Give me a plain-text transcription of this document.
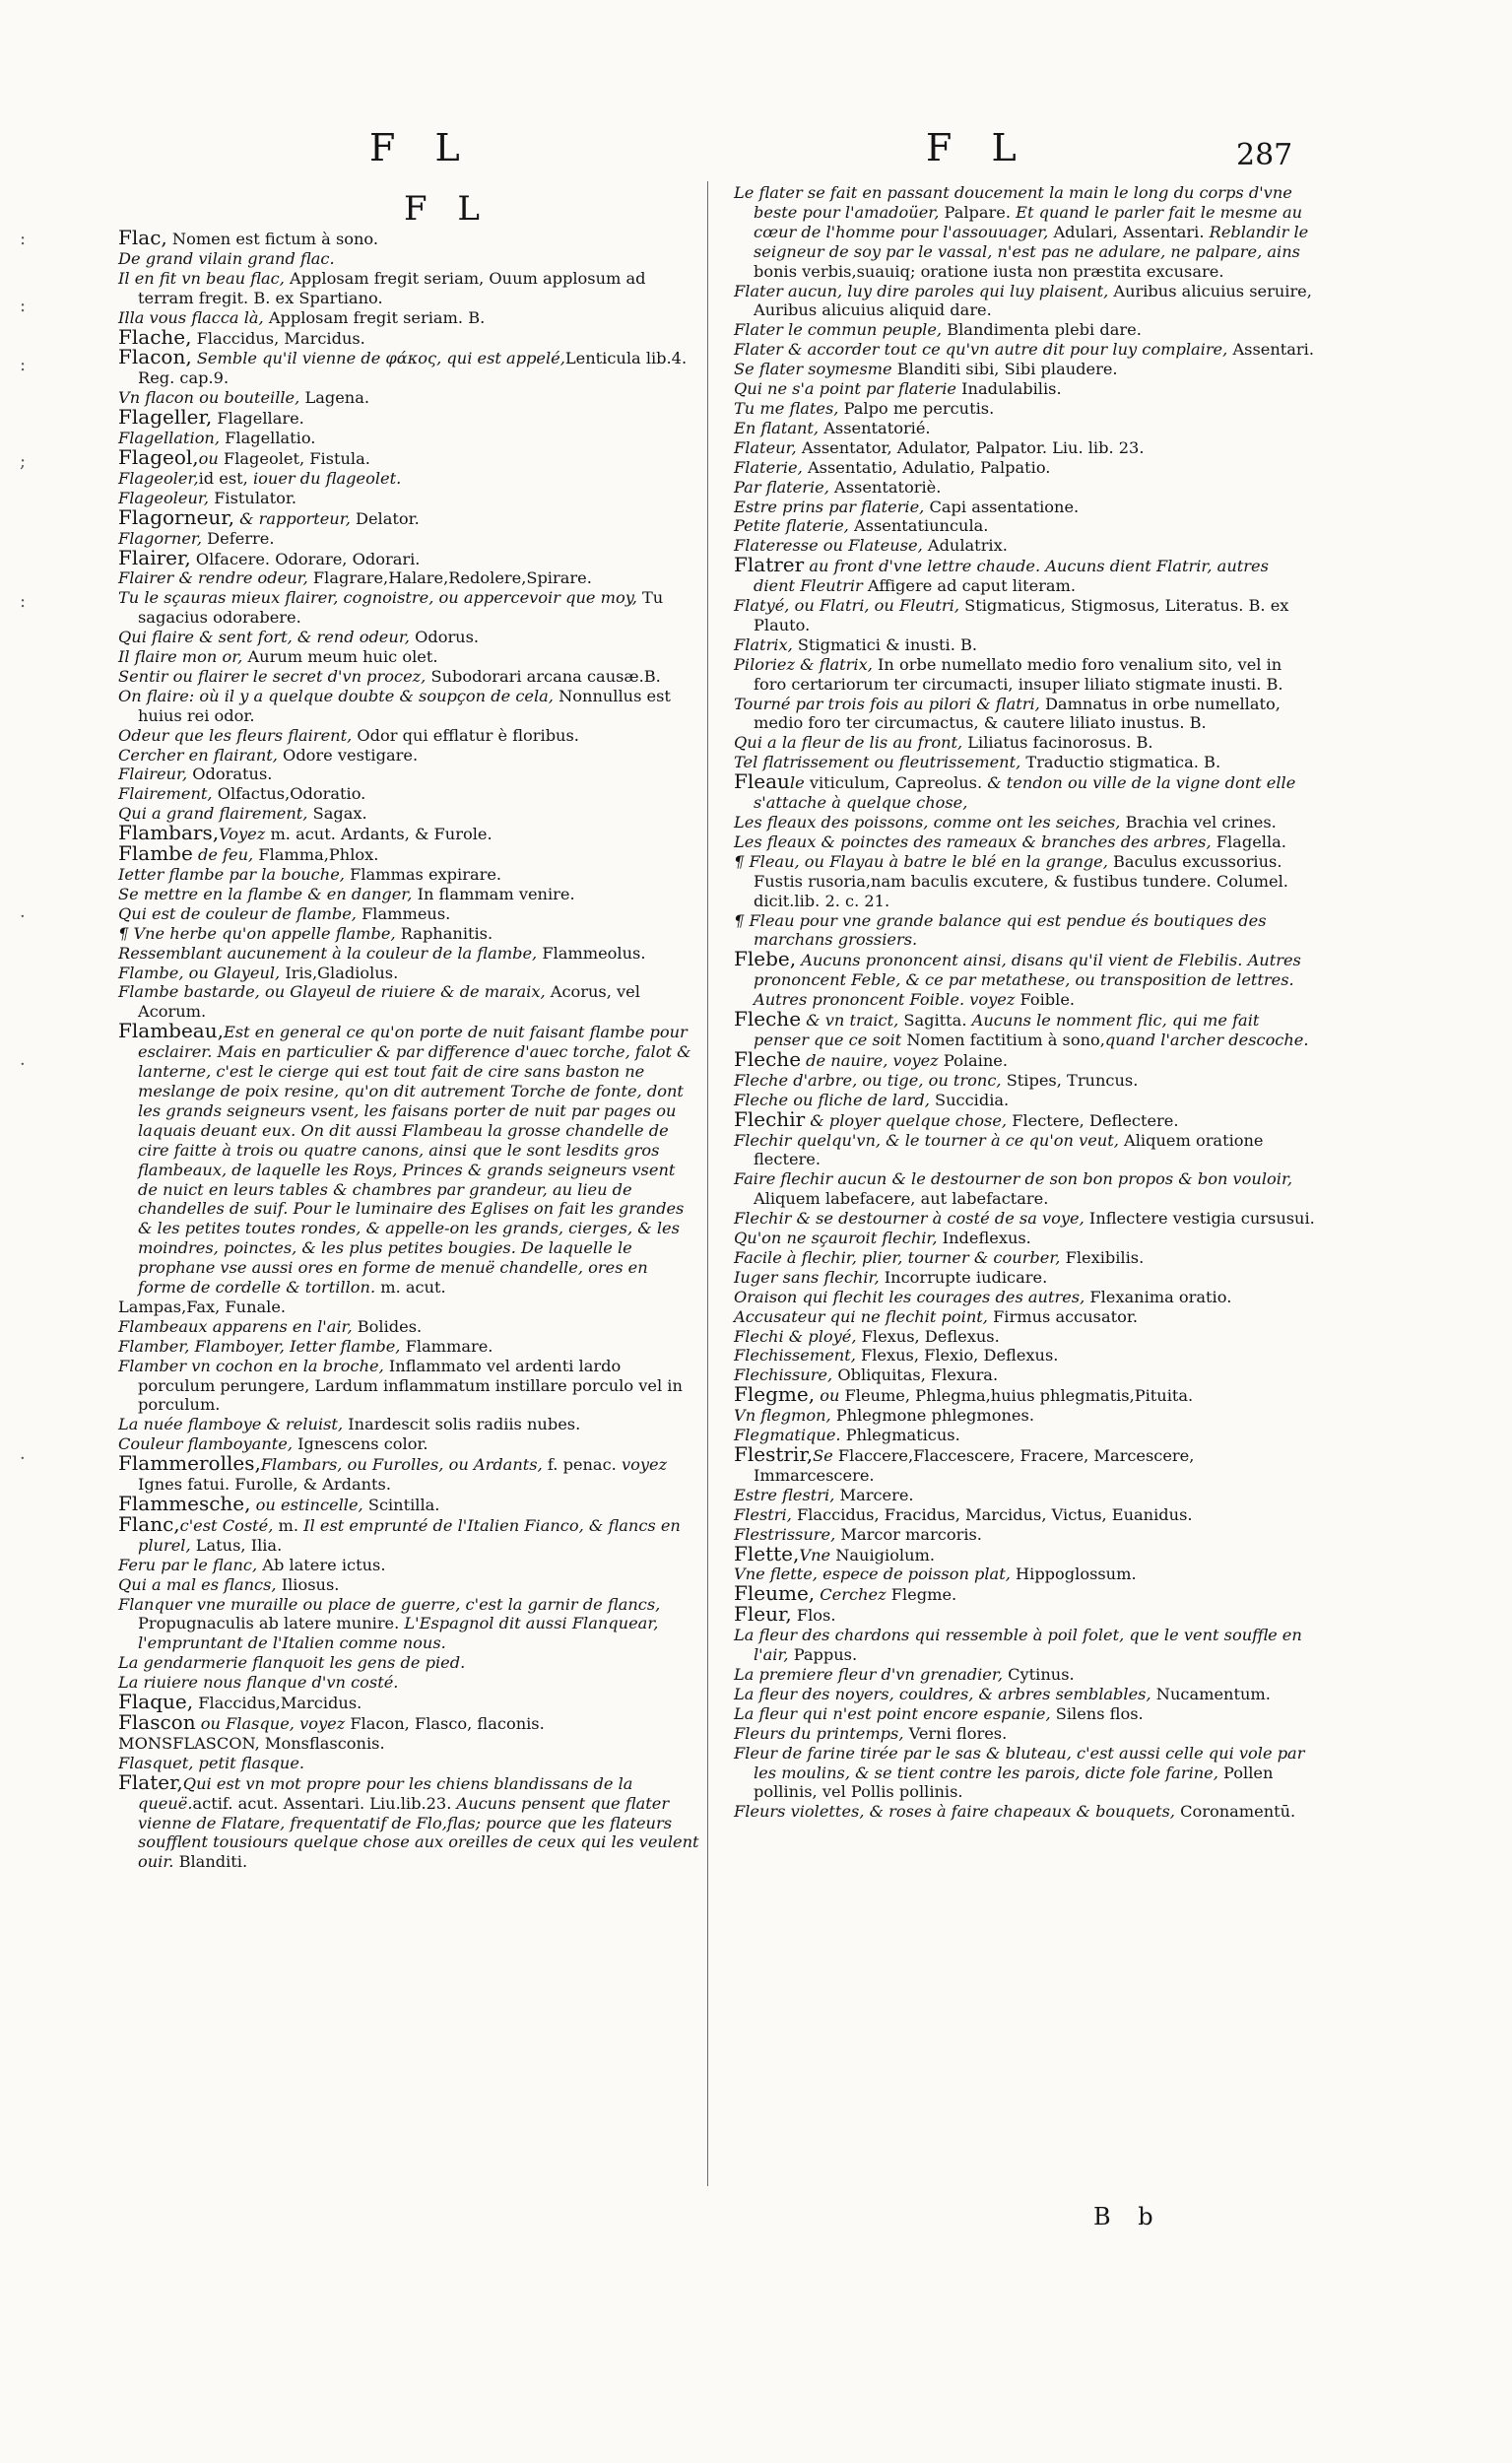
F L	F L	287
F L
:
:
:
;
:
·
·
·

Flac, Nomen est fictum à sono.

De grand vilain grand flac.

Il en fit vn beau flac, Applosam fregit seriam, Ouum applosum ad terram fregit. B. ex Spartiano.

Illa vous flacca là, Applosam fregit seriam. B.

Flache, Flaccidus, Marcidus.

Flacon, Semble qu'il vienne de φάκος, qui est appelé,Lenticula lib.4. Reg. cap.9.

Vn flacon ou bouteille, Lagena.

Flageller, Flagellare.

Flagellation, Flagellatio.

Flageol,ou Flageolet, Fistula.

Flageoler,id est, iouer du flageolet.

Flageoleur, Fistulator.

Flagorneur, & rapporteur, Delator.

Flagorner, Deferre.

Flairer, Olfacere. Odorare, Odorari.

Flairer & rendre odeur, Flagrare,Halare,Redolere,Spirare.

Tu le sçauras mieux flairer, cognoistre, ou appercevoir que moy, Tu sagacius odorabere.

Qui flaire & sent fort, & rend odeur, Odorus.

Il flaire mon or, Aurum meum huic olet.

Sentir ou flairer le secret d'vn procez, Subodorari arcana causæ.B.

On flaire: où il y a quelque doubte & soupçon de cela, Nonnullus est huius rei odor.

Odeur que les fleurs flairent, Odor qui efflatur è floribus.

Cercher en flairant, Odore vestigare.

Flaireur, Odoratus.

Flairement, Olfactus,Odoratio.

Qui a grand flairement, Sagax.

Flambars,Voyez m. acut. Ardants, & Furole.

Flambe de feu, Flamma,Phlox.

Ietter flambe par la bouche, Flammas expirare.

Se mettre en la flambe & en danger, In flammam venire.

Qui est de couleur de flambe, Flammeus.

¶ Vne herbe qu'on appelle flambe, Raphanitis.

Ressemblant aucunement à la couleur de la flambe, Flammeolus.

Flambe, ou Glayeul, Iris,Gladiolus.

Flambe bastarde, ou Glayeul de riuiere & de maraix, Acorus, vel Acorum.

Flambeau,Est en general ce qu'on porte de nuit faisant flambe pour esclairer. Mais en particulier & par difference d'auec torche, falot & lanterne, c'est le cierge qui est tout fait de cire sans baston ne meslange de poix resine, qu'on dit autrement Torche de fonte, dont les grands seigneurs vsent, les faisans porter de nuit par pages ou laquais deuant eux. On dit aussi Flambeau la grosse chandelle de cire faitte à trois ou quatre canons, ainsi que le sont lesdits gros flambeaux, de laquelle les Roys, Princes & grands seigneurs vsent de nuict en leurs tables & chambres par grandeur, au lieu de chandelles de suif. Pour le luminaire des Eglises on fait les grandes & les petites toutes rondes, & appelle-on les grands, cierges, & les moindres, poinctes, & les plus petites bougies. De laquelle le prophane vse aussi ores en forme de menuë chandelle, ores en forme de cordelle & tortillon. m. acut.

Lampas,Fax, Funale.

Flambeaux apparens en l'air, Bolides.

Flamber, Flamboyer, Ietter flambe, Flammare.

Flamber vn cochon en la broche, Inflammato vel ardenti lardo porculum perungere, Lardum inflammatum instillare porculo vel in porculum.

La nuée flamboye & reluist, Inardescit solis radiis nubes.

Couleur flamboyante, Ignescens color.

Flammerolles,Flambars, ou Furolles, ou Ardants, f. penac. voyez Ignes fatui. Furolle, & Ardants.

Flammesche, ou estincelle, Scintilla.

Flanc,c'est Costé, m. Il est emprunté de l'Italien Fianco, & flancs en plurel, Latus, Ilia.

Feru par le flanc, Ab latere ictus.

Qui a mal es flancs, Iliosus.

Flanquer vne muraille ou place de guerre, c'est la garnir de flancs, Propugnaculis ab latere munire. L'Espagnol dit aussi Flanquear, l'empruntant de l'Italien comme nous.

La gendarmerie flanquoit les gens de pied.

La riuiere nous flanque d'vn costé.

Flaque, Flaccidus,Marcidus.

Flascon ou Flasque, voyez Flacon, Flasco, flaconis.

MONSFLASCON, Monsflasconis.

Flasquet, petit flasque.

Flater,Qui est vn mot propre pour les chiens blandissans de la queuë.actif. acut. Assentari. Liu.lib.23. Aucuns pensent que flater vienne de Flatare, frequentatif de Flo,flas; pource que les flateurs soufflent tousiours quelque chose aux oreilles de ceux qui les veulent ouir. Blanditi.

Le flater se fait en passant doucement la main le long du corps d'vne beste pour l'amadoüer, Palpare. Et quand le parler fait le mesme au cœur de l'homme pour l'assouuager, Adulari, Assentari. Reblandir le seigneur de soy par le vassal, n'est pas ne adulare, ne palpare, ains bonis verbis,suauiq; oratione iusta non præstita excusare.

Flater aucun, luy dire paroles qui luy plaisent, Auribus alicuius seruire, Auribus alicuius aliquid dare.

Flater le commun peuple, Blandimenta plebi dare.

Flater & accorder tout ce qu'vn autre dit pour luy complaire, Assentari.

Se flater soymesme Blanditi sibi, Sibi plaudere.

Qui ne s'a point par flaterie Inadulabilis.

Tu me flates, Palpo me percutis.

En flatant, Assentatorié.

Flateur, Assentator, Adulator, Palpator. Liu. lib. 23.

Flaterie, Assentatio, Adulatio, Palpatio.

Par flaterie, Assentatoriè.

Estre prins par flaterie, Capi assentatione.

Petite flaterie, Assentatiuncula.

Flateresse ou Flateuse, Adulatrix.

Flatrer au front d'vne lettre chaude. Aucuns dient Flatrir, autres dient Fleutrir Affigere ad caput literam.

Flatyé, ou Flatri, ou Fleutri, Stigmaticus, Stigmosus, Literatus. B. ex Plauto.

Flatrix, Stigmatici & inusti. B.

Piloriez & flatrix, In orbe numellato medio foro venalium sito, vel in foro certariorum ter circumacti, insuper liliato stigmate inusti. B.

Tourné par trois fois au pilori & flatri, Damnatus in orbe numellato, medio foro ter circumactus, & cautere liliato inustus. B.

Qui a la fleur de lis au front, Liliatus facinorosus. B.

Tel flatrissement ou fleutrissement, Traductio stigmatica. B.

Fleaule viticulum, Capreolus. & tendon ou ville de la vigne dont elle s'attache à quelque chose,

Les fleaux des poissons, comme ont les seiches, Brachia vel crines.

Les fleaux & poinctes des rameaux & branches des arbres, Flagella.

¶ Fleau, ou Flayau à batre le blé en la grange, Baculus excussorius. Fustis rusoria,nam baculis excutere, & fustibus tundere. Columel. dicit.lib. 2. c. 21.

¶ Fleau pour vne grande balance qui est pendue és boutiques des marchans grossiers.

Flebe, Aucuns prononcent ainsi, disans qu'il vient de Flebilis. Autres prononcent Feble, & ce par metathese, ou transposition de lettres. Autres prononcent Foible. voyez Foible.

Fleche & vn traict, Sagitta. Aucuns le nomment flic, qui me fait penser que ce soit Nomen factitium à sono,quand l'archer descoche.

Fleche de nauire, voyez Polaine.

Fleche d'arbre, ou tige, ou tronc, Stipes, Truncus.

Fleche ou fliche de lard, Succidia.

Flechir & ployer quelque chose, Flectere, Deflectere.

Flechir quelqu'vn, & le tourner à ce qu'on veut, Aliquem oratione flectere.

Faire flechir aucun & le destourner de son bon propos & bon vouloir, Aliquem labefacere, aut labefactare.

Flechir & se destourner à costé de sa voye, Inflectere vestigia cursusui.

Qu'on ne sçauroit flechir, Indeflexus.

Facile à flechir, plier, tourner & courber, Flexibilis.

Iuger sans flechir, Incorrupte iudicare.

Oraison qui flechit les courages des autres, Flexanima oratio.

Accusateur qui ne flechit point, Firmus accusator.

Flechi & ployé, Flexus, Deflexus.

Flechissement, Flexus, Flexio, Deflexus.

Flechissure, Obliquitas, Flexura.

Flegme, ou Fleume, Phlegma,huius phlegmatis,Pituita.

Vn flegmon, Phlegmone phlegmones.

Flegmatique. Phlegmaticus.

Flestrir,Se Flaccere,Flaccescere, Fracere, Marcescere, Immarcescere.

Estre flestri, Marcere.

Flestri, Flaccidus, Fracidus, Marcidus, Victus, Euanidus.

Flestrissure, Marcor marcoris.

Flette,Vne Nauigiolum.

Vne flette, espece de poisson plat, Hippoglossum.

Fleume, Cerchez Flegme.

Fleur, Flos.

La fleur des chardons qui ressemble à poil folet, que le vent souffle en l'air, Pappus.

La premiere fleur d'vn grenadier, Cytinus.

La fleur des noyers, couldres, & arbres semblables, Nucamentum.

La fleur qui n'est point encore espanie, Silens flos.

Fleurs du printemps, Verni flores.

Fleur de farine tirée par le sas & bluteau, c'est aussi celle qui vole par les moulins, & se tient contre les parois, dicte fole farine, Pollen pollinis, vel Pollis pollinis.

Fleurs violettes, & roses à faire chapeaux & bouquets, Coronamentū.

B b
